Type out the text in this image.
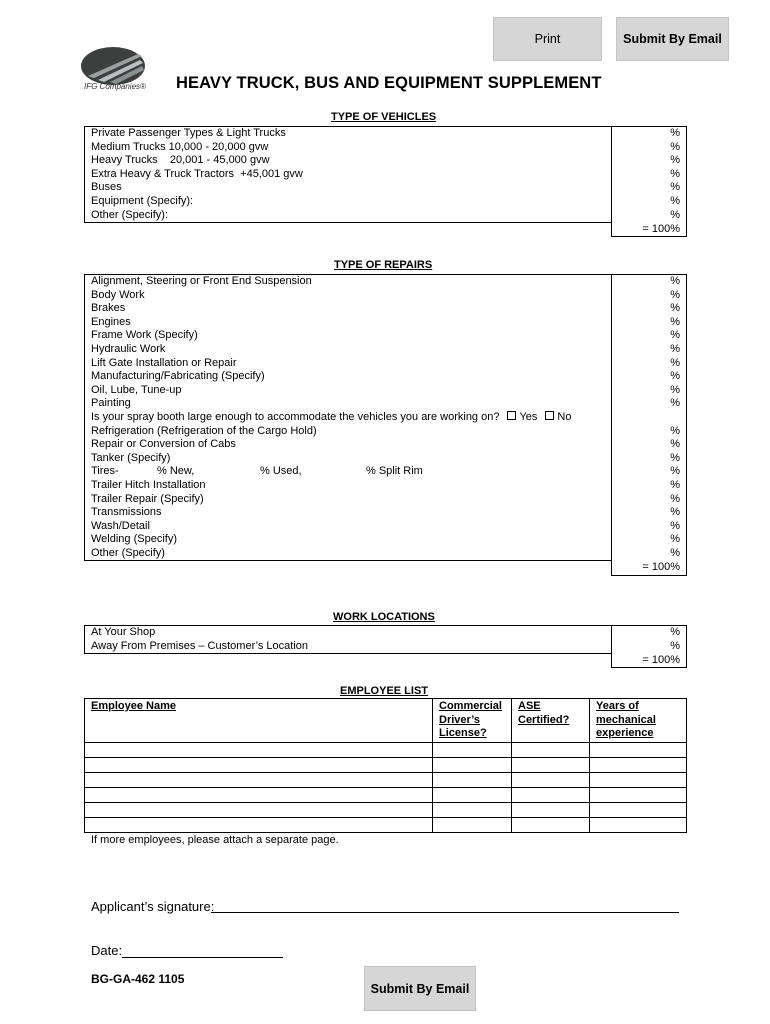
Print	Submit By Email
IFG Companies® HEAVY TRUCK, BUS AND EQUIPMENT SUPPLEMENT
TYPE OF VEHICLES
Private Passenger Types & Light Trucks	%
Medium Trucks 10,000 - 20,000 gvw	%
Heavy Trucks    20,001 - 45,000 gvw	%
Extra Heavy & Truck Tractors  +45,001 gvw	%
Buses	%
Equipment (Specify):	%
Other (Specify):	%
	= 100%
TYPE OF REPAIRS
Alignment, Steering or Front End Suspension	%
Body Work	%
Brakes	%
Engines	%
Frame Work (Specify)	%
Hydraulic Work	%
Lift Gate Installation or Repair	%
Manufacturing/Fabricating (Specify)	%
Oil, Lube, Tune-up	%
Painting	%
Is your spray booth large enough to accommodate the vehicles you are working on? Yes No	
Refrigeration (Refrigeration of the Cargo Hold)	%
Repair or Conversion of Cabs	%
Tanker (Specify)	%
Tires- % New, % Used, % Split Rim	%
Trailer Hitch Installation	%
Trailer Repair (Specify)	%
Transmissions	%
Wash/Detail	%
Welding (Specify)	%
Other (Specify)	%
	= 100%
WORK LOCATIONS
At Your Shop	%
Away From Premises – Customer’s Location	%
	= 100%
EMPLOYEE LIST
Employee Name	Commercial Driver’s License?	ASE Certified?	Years of mechanical experience

If more employees, please attach a separate page.
Applicant’s signature:
Date:
BG-GA-462 1105
Submit By Email
